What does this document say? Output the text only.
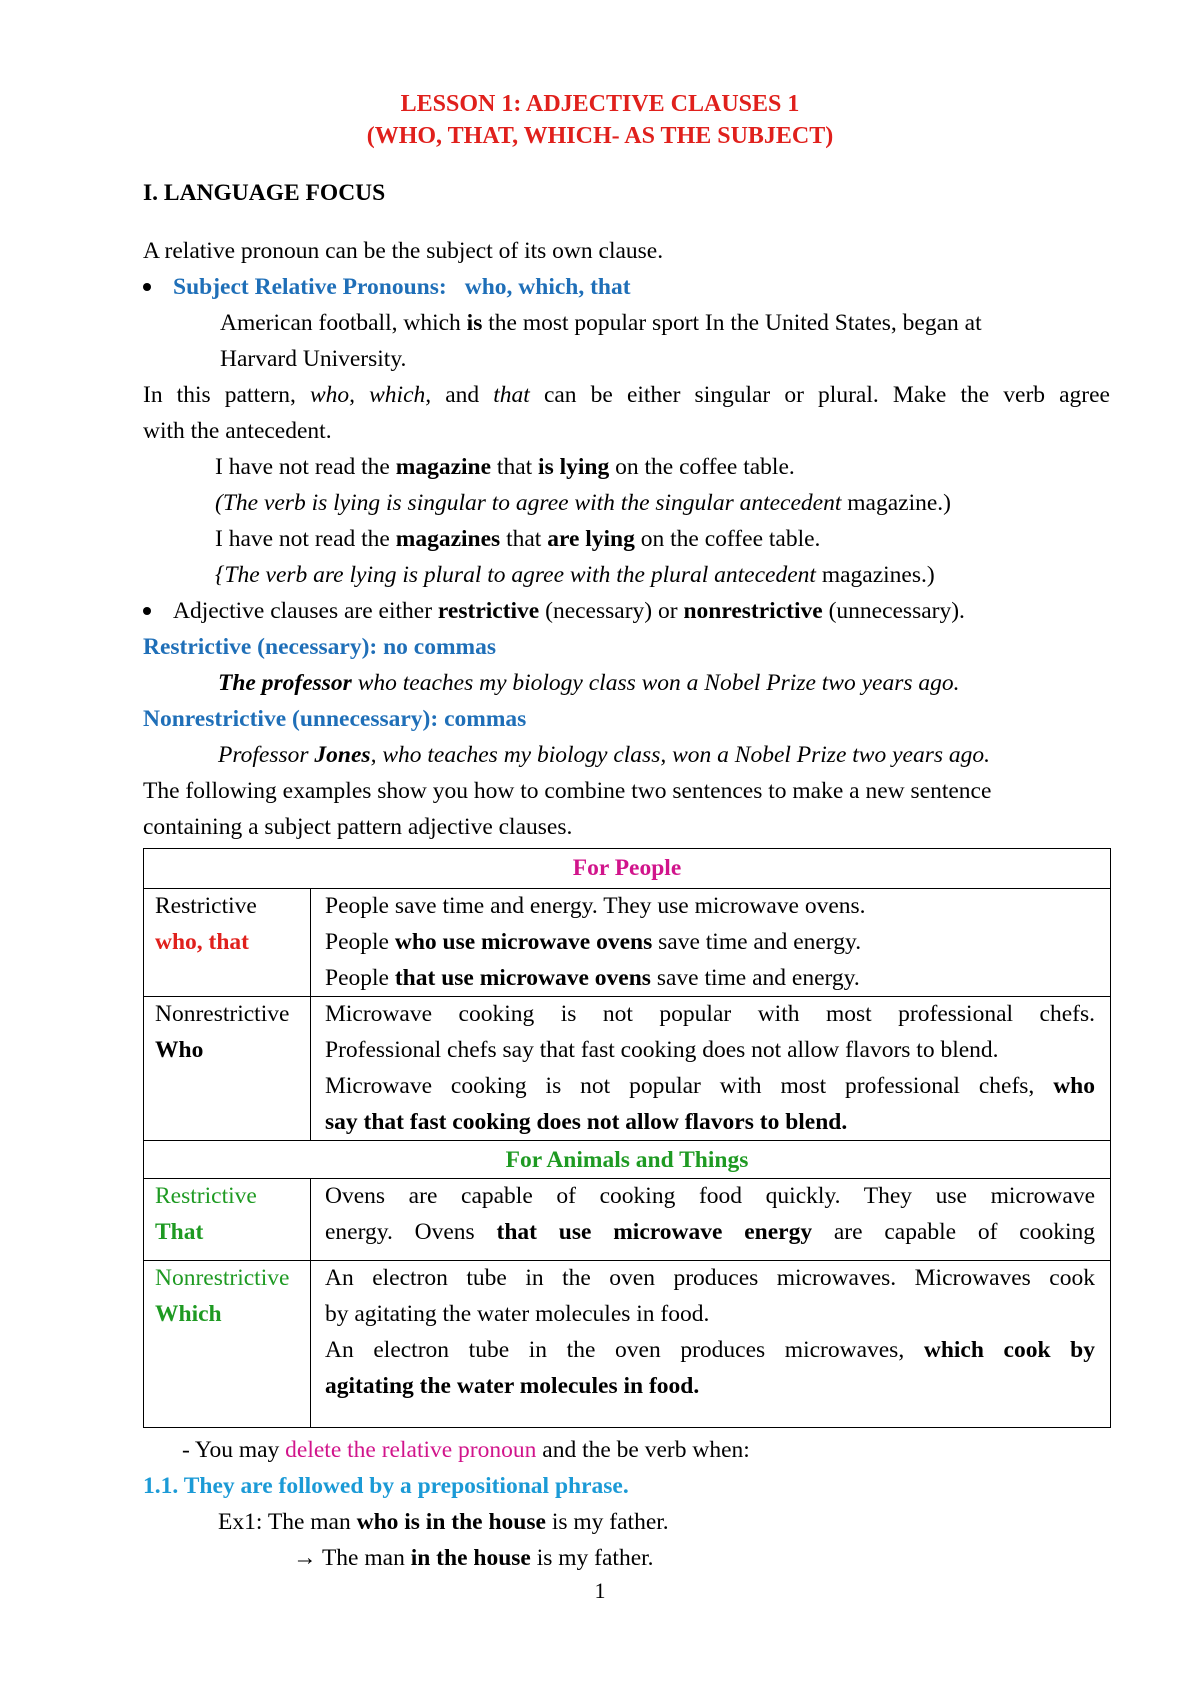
LESSON 1: ADJECTIVE CLAUSES 1
(WHO, THAT, WHICH- AS THE SUBJECT)
I. LANGUAGE FOCUS
A relative pronoun can be the subject of its own clause.
Subject Relative Pronouns: who, which, that
American football, which is the most popular sport In the United States, began at
Harvard University.
In this pattern, who, which, and that can be either singular or plural. Make the verb agree
with the antecedent.
I have not read the magazine that is lying on the coffee table.
(The verb is lying is singular to agree with the singular antecedent magazine.)
I have not read the magazines that are lying on the coffee table.
{The verb are lying is plural to agree with the plural antecedent magazines.)
Adjective clauses are either restrictive (necessary) or nonrestrictive (unnecessary).
Restrictive (necessary): no commas
The professor who teaches my biology class won a Nobel Prize two years ago.
Nonrestrictive (unnecessary): commas
Professor Jones, who teaches my biology class, won a Nobel Prize two years ago.
The following examples show you how to combine two sentences to make a new sentence
containing a subject pattern adjective clauses.
For People
Restrictive
who, that
People save time and energy. They use microwave ovens.
People who use microwave ovens save time and energy.
People that use microwave ovens save time and energy.
Nonrestrictive
Who
Microwave cooking is not popular with most professional chefs.
Professional chefs say that fast cooking does not allow flavors to blend.
Microwave cooking is not popular with most professional chefs, who
say that fast cooking does not allow flavors to blend.
For Animals and Things
Restrictive
That
Ovens are capable of cooking food quickly. They use microwave
energy. Ovens that use microwave energy are capable of cooking
Nonrestrictive
Which
An electron tube in the oven produces microwaves. Microwaves cook
by agitating the water molecules in food.
An electron tube in the oven produces microwaves, which cook by
agitating the water molecules in food.
- You may delete the relative pronoun and the be verb when:
1.1. They are followed by a prepositional phrase.
Ex1: The man who is in the house is my father.
→ The man in the house is my father.
1
